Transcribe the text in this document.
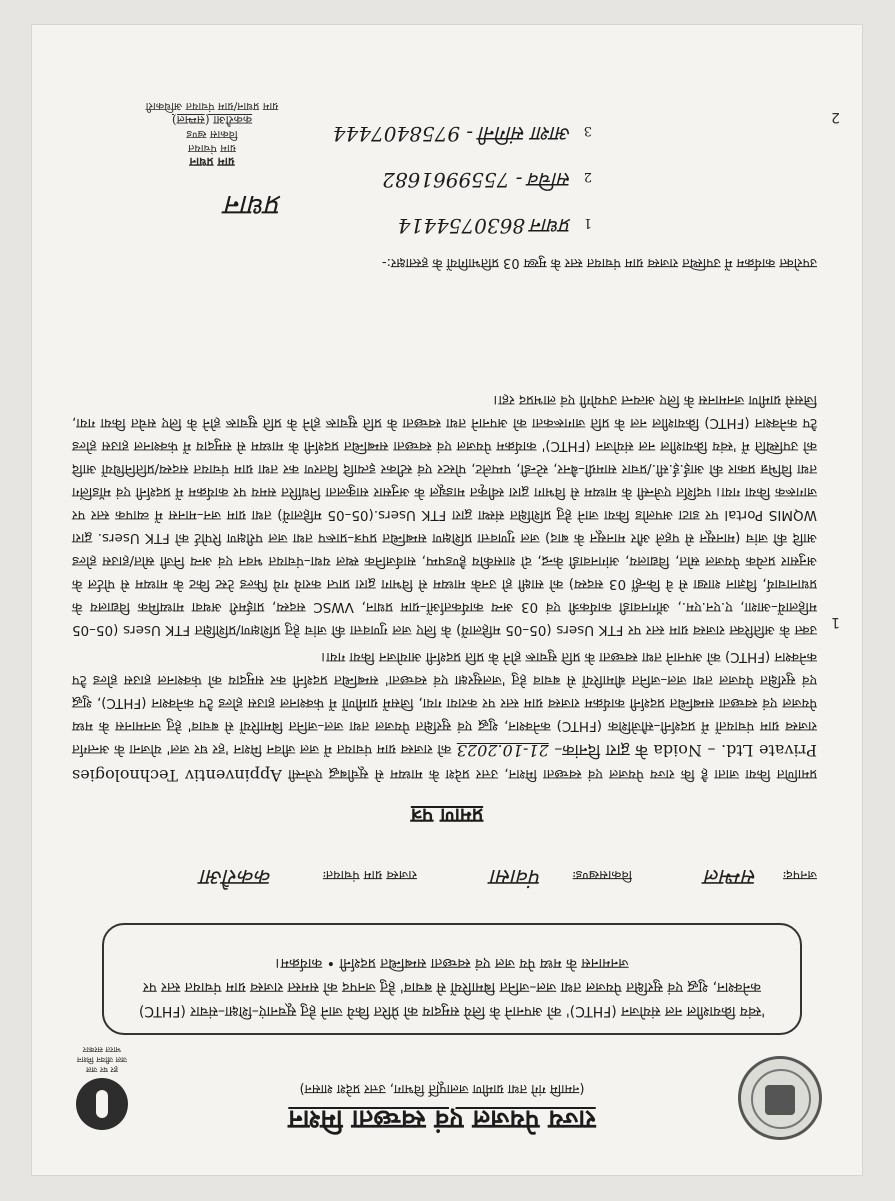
राज्य पेयजल एवं स्वच्छता मिशन
(नमामि गंगे तथा ग्रामीण जलापूर्ति विभाग, उत्तर प्रदेश शासन)
हर घर जल
जल जीवन मिशन
भारत सरकार
'स्वंय क्रियाशील नल संयोजन (FHTC)' को अपनाने के लिये समुदाय को प्रेरित किये जाने हेतु सूचनाएं–शिक्षा–संचार (FHTC) कनेक्शन, शुद्ध एवं सुरक्षित पेयजल तथा जल–जनित बिमारियों से बचाव' हेतु जनपद को समस्त राजस्व ग्राम पंचायत स्तर पर जनमानस के मध्य पेय जल एवं स्वच्छता सम्बन्धित प्रदर्शनी • कार्यक्रम।
जनपदः
सम्भल
विकासखण्डः
पंवासा
राजस्व ग्राम पंचायतः
ककरौआ
प्रमाण पत्र

प्रमाणित किया जाता है कि राज्य पेयजल एवं स्वच्छता मिशन, उत्तर प्रदेश के माध्यम से सूचीबद्ध एजेन्सी Appinventiv Technologies Private Ltd. – Noida के द्वारा दिनांक– 21-10.2023 को राजस्व ग्राम पंचायत में जल जीवन मिशन 'हर घर जल' योजना के अन्तर्गत राजस्व ग्राम पंचायतों में प्रदर्शनी–सौजेशिक (FHTC) कनेक्शन, शुद्ध एवं सुरक्षित पेयजल तथा जल–जनित बिमारियों से बचाव' हेतु जनमानस के मध्य पेयजल एवं स्वच्छता सम्बन्धित प्रदर्शनी कार्यक्रम राजस्व ग्राम स्तर पर कराया गया, जिसमें ग्रामीणों में फंक्शनल हाउस होल्ड टैप कनेक्शन (FHTC), शुद्ध एवं सुरक्षित पेयजल तथा जल–जनित बीमारियों से बचाव हेतु 'जलसुरक्षा एवं स्वच्छता' सम्बन्धित प्रदर्शनी कर समुदाय को फंक्शनल हाउस होल्ड टैप कनेक्शन (FHTC) को अपनाने तथा स्वच्छता के प्रति सुचारू होने के प्रति प्रदर्शनी आयोजन किया गया।

उक्त के अतिरिक्त राजस्व ग्राम स्तर पर FTK Users (05–05 महिलायें) के लिए जल गुणवत्ता की जांच हेतु प्रशिक्षण/प्रशिक्षित FTK Users (05–05 महिलायें–आशा, ए.एन.एम., ऑगनवाडी कार्यकत्री एवं 03 अन्य कार्यकर्ताओं–ग्राम प्रधान, VWSC सदस्य, प्राईमरी अथवा माध्यमिक विद्यालय के प्रधानाचार्य, विज्ञान शाखा से वे किन्हीं 03 सदस्य) को साक्षी हो उनके माध्यम से विभाग द्वारा प्राप्त कराये गये फिल्ड टेस्ट किट के माध्यम से पोर्टल के अनुसार प्रत्येक पेयजल स्रोत, विद्यालय, आंगनवाडी केन्द्र, दो शासकीय हैण्डपम्प, सार्वजनिक स्थल यथा–पंचायत भवन एवं अन्य निजी स्रोत/हाउस होल्ड आदि की जांच (मानसून से पहले और मानसून के बाद) जल गुणवत्ता प्रशिक्षण सम्बन्धित प्रपत्र–प्रारूप तथा जल परीक्षण रिपोर्ट को FTK Users. द्वारा WQMIS Portal पर डाटा अपलोड किया जाने हेतु प्रशिक्षित संस्था द्वारा FTK Users.(05–05 महिलायें) तथा ग्राम जन–मानस में व्यापक स्तर पर जागरूक किया गया। पदर्शित एजेन्सी के माध्यम से विभाग द्वारा स्वीकृत माड्यूल के अनुसार साकुलता निर्धारित समय पर कार्यक्रम में प्रदर्शनी एवं मॉडलिंग तथा विभिन्न प्रकार की आई.ई.सी./प्रचार सामग्री–बैनर, स्टेन्डी, पम्पलेट, पोस्टर एवं स्टीकर इत्यादि वितरण कर तथा ग्राम पंचायत सदस्य/प्रतिनिधियों आदि को उपस्थिति में 'स्वंय क्रियाशील नल संयोजन (FHTC)' कार्यक्रम पेयजल एवं स्वच्छता सम्बन्धित प्रदर्शनी के माध्यम से समुदाय में फंक्शनल हाउस होल्ड टैप कनेक्शन (FHTC) क्रियाशील नल के प्रति जागरूकता को अपनाने तथा स्वच्छता के प्रति सुचारू होने के प्रति सुचारू होने के लिए सचेत किया गया, जिससे ग्रामीण जनमानस के लिए अत्यन्त उपयोगी एवं लाभप्रद रहा।

उपरोक्त कार्यक्रम में उपस्थित राजस्व ग्राम पंचायत स्तर के मुख्य 03 प्रतिभागियों के हस्ताक्षर:-
1 प्रधान 8630754414
2 सचिव - 7559961682
3 आशा संगिनी - 9758407444
प्रधान
ग्राम प्रधान
ग्राम पंचायत
विकास खण्ड
ककरौआ (सम्भल)
ग्राम प्रधान/ग्राम पंचायत अधिकारी
1
2
